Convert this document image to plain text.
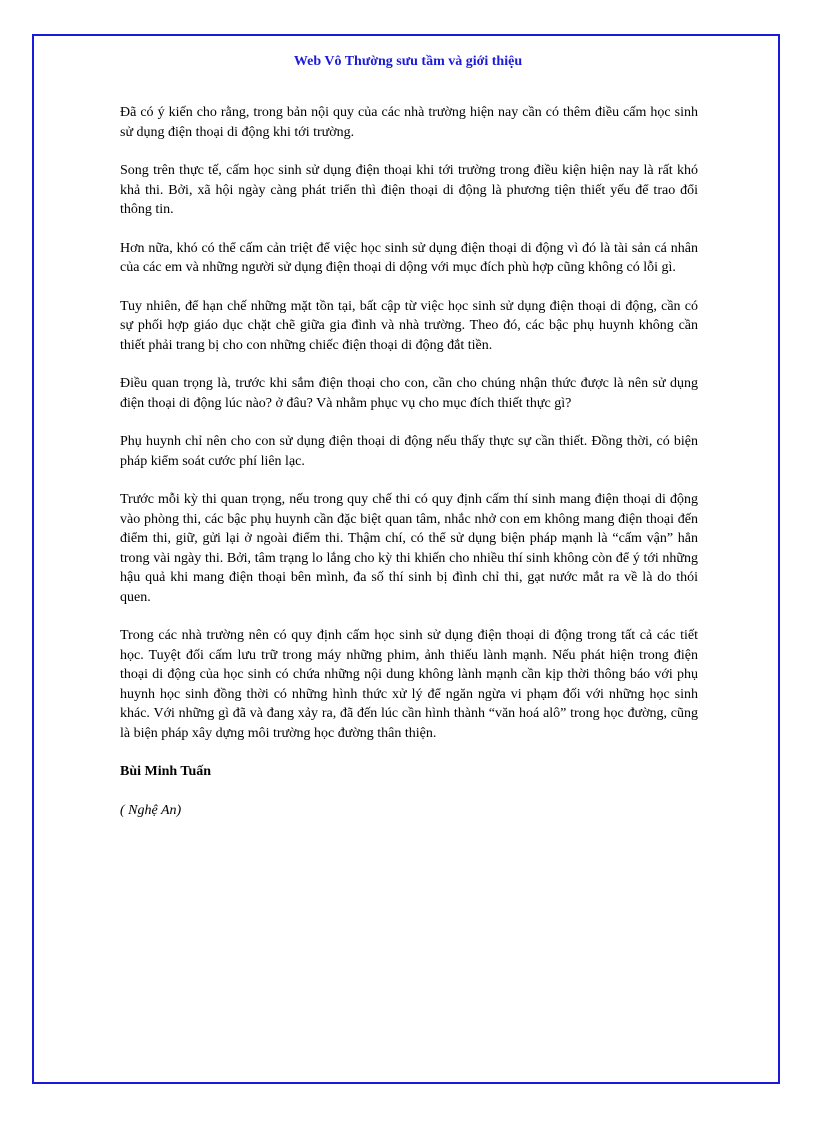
Web Vô Thường sưu tầm và giới thiệu

Đã có ý kiến cho rằng, trong bản nội quy của các nhà trường hiện nay cần có thêm điều cấm học sinh sử dụng điện thoại di động khi tới trường.

Song trên thực tế, cấm học sinh sử dụng điện thoại khi tới trường trong điều kiện hiện nay là rất khó khả thi. Bởi, xã hội ngày càng phát triển thì điện thoại di động là phương tiện thiết yếu để trao đổi thông tin.

Hơn nữa, khó có thể cấm cản triệt để việc học sinh sử dụng điện thoại di động vì đó là tài sản cá nhân của các em và những người sử dụng điện thoại di dộng với mục đích phù hợp cũng không có lỗi gì.

Tuy nhiên, để hạn chế những mặt tồn tại, bất cập từ việc học sinh sử dụng điện thoại di động, cần có sự phối hợp giáo dục chặt chẽ giữa gia đình và nhà trường. Theo đó, các bậc phụ huynh không cần thiết phải trang bị cho con những chiếc điện thoại di động đắt tiền.

Điều quan trọng là, trước khi sắm điện thoại cho con, cần cho chúng nhận thức được là nên sử dụng điện thoại di động lúc nào? ở đâu? Và nhằm phục vụ cho mục đích thiết thực gì?

Phụ huynh chỉ nên cho con sử dụng điện thoại di động nếu thấy thực sự cần thiết. Đồng thời, có biện pháp kiểm soát cước phí liên lạc.

Trước mỗi kỳ thi quan trọng, nếu trong quy chế thi có quy định cấm thí sinh mang điện thoại di động vào phòng thi, các bậc phụ huynh cần đặc biệt quan tâm, nhắc nhở con em không mang điện thoại đến điểm thi, giữ, gửi lại ở ngoài điểm thi. Thậm chí, có thể sử dụng biện pháp mạnh là “cấm vận” hẳn trong vài ngày thi. Bởi, tâm trạng lo lắng cho kỳ thi khiến cho nhiều thí sinh không còn để ý tới những hậu quả khi mang điện thoại bên mình, đa số thí sinh bị đình chỉ thi, gạt nước mắt ra về là do thói quen.

Trong các nhà trường nên có quy định cấm học sinh sử dụng điện thoại di động trong tất cả các tiết học. Tuyệt đối cấm lưu trữ trong máy những phim, ảnh thiếu lành mạnh. Nếu phát hiện trong điện thoại di động của học sinh có chứa những nội dung không lành mạnh cần kịp thời thông báo với phụ huynh học sinh đồng thời có những hình thức xử lý để ngăn ngừa vi phạm đối với những học sinh khác. Với những gì đã và đang xảy ra, đã đến lúc cần hình thành “văn hoá alô” trong học đường, cũng là biện pháp xây dựng môi trường học đường thân thiện.

Bùi Minh Tuấn

( Nghệ An)
